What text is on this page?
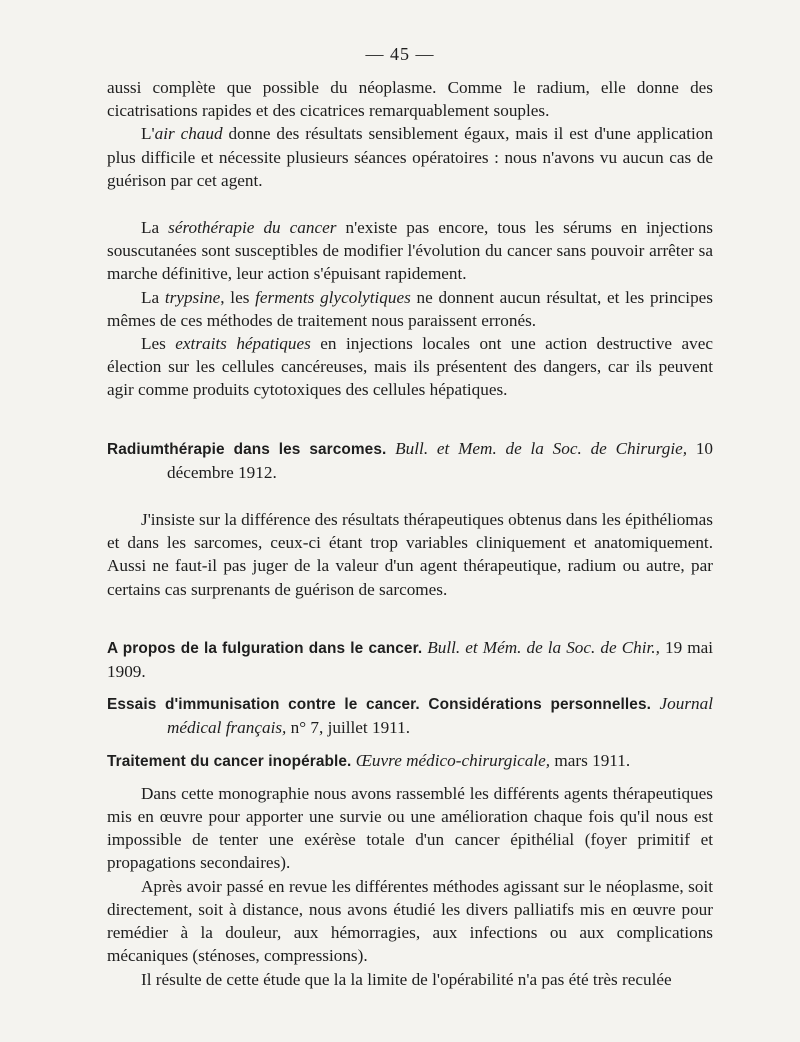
— 45 —

aussi complète que possible du néoplasme. Comme le radium, elle donne des cicatrisations rapides et des cicatrices remarquablement souples.

L'air chaud donne des résultats sensiblement égaux, mais il est d'une application plus difficile et nécessite plusieurs séances opératoires : nous n'avons vu aucun cas de guérison par cet agent.

La sérothérapie du cancer n'existe pas encore, tous les sérums en injections souscutanées sont susceptibles de modifier l'évolution du cancer sans pouvoir arrêter sa marche définitive, leur action s'épuisant rapidement.

La trypsine, les ferments glycolytiques ne donnent aucun résultat, et les principes mêmes de ces méthodes de traitement nous paraissent erronés.

Les extraits hépatiques en injections locales ont une action destructive avec élection sur les cellules cancéreuses, mais ils présentent des dangers, car ils peuvent agir comme produits cytotoxiques des cellules hépatiques.

Radiumthérapie dans les sarcomes. Bull. et Mem. de la Soc. de Chirurgie, 10 décembre 1912.

J'insiste sur la différence des résultats thérapeutiques obtenus dans les épithéliomas et dans les sarcomes, ceux-ci étant trop variables cliniquement et anatomiquement. Aussi ne faut-il pas juger de la valeur d'un agent thérapeutique, radium ou autre, par certains cas surprenants de guérison de sarcomes.

A propos de la fulguration dans le cancer. Bull. et Mém. de la Soc. de Chir., 19 mai 1909.

Essais d'immunisation contre le cancer. Considérations personnelles. Journal médical français, n° 7, juillet 1911.

Traitement du cancer inopérable. Œuvre médico-chirurgicale, mars 1911.

Dans cette monographie nous avons rassemblé les différents agents thérapeutiques mis en œuvre pour apporter une survie ou une amélioration chaque fois qu'il nous est impossible de tenter une exérèse totale d'un cancer épithélial (foyer primitif et propagations secondaires).

Après avoir passé en revue les différentes méthodes agissant sur le néoplasme, soit directement, soit à distance, nous avons étudié les divers palliatifs mis en œuvre pour remédier à la douleur, aux hémorragies, aux infections ou aux complications mécaniques (sténoses, compressions).

Il résulte de cette étude que la la limite de l'opérabilité n'a pas été très reculée
